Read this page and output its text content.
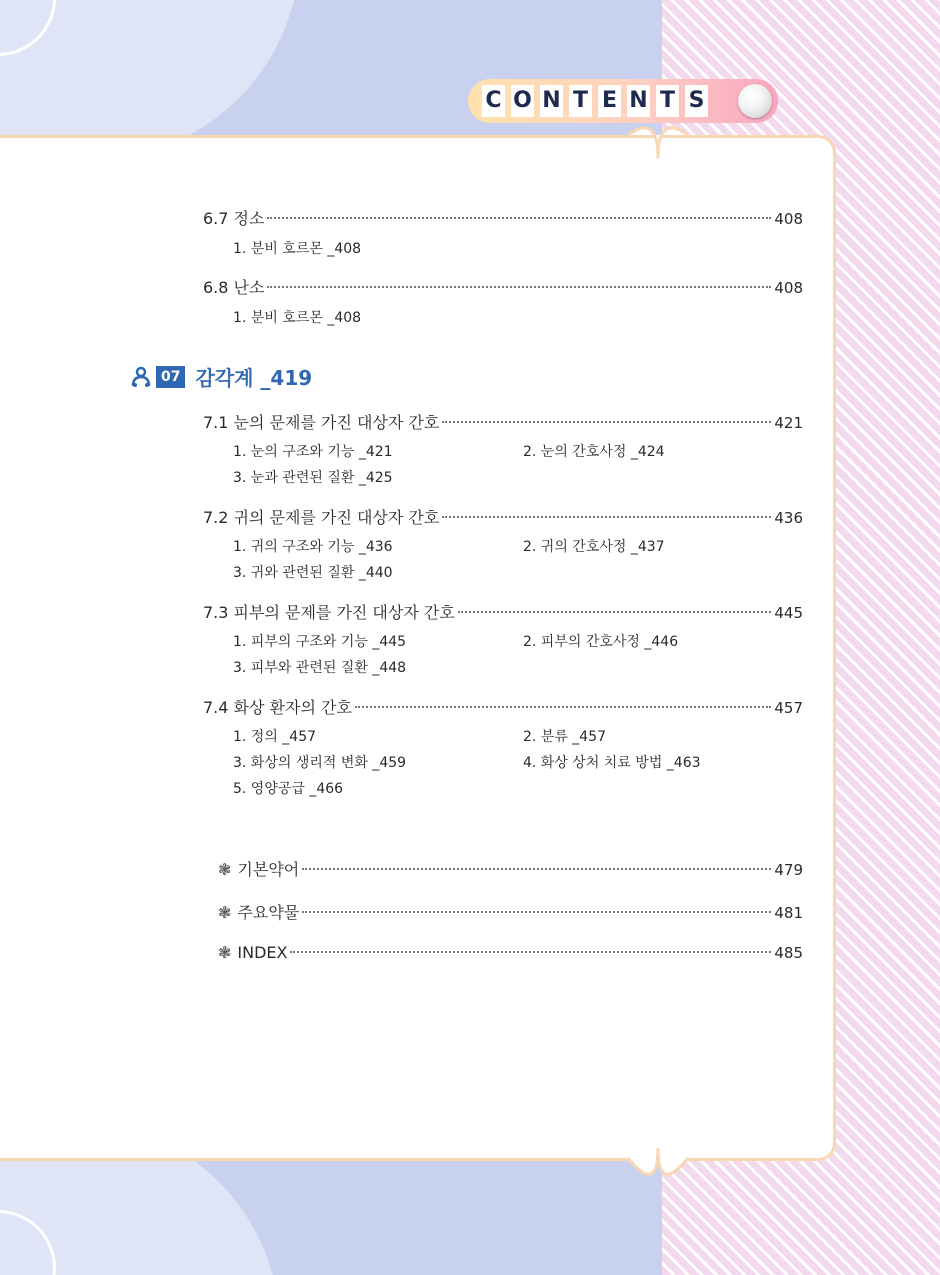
C O N T E N T S
6.7 정소	408
1. 분비 호르몬 _408
6.8 난소	408
1. 분비 호르몬 _408
07 감각계 _419
7.1 눈의 문제를 가진 대상자 간호	421
1. 눈의 구조와 기능 _421	2. 눈의 간호사정 _424
3. 눈과 관련된 질환 _425
7.2 귀의 문제를 가진 대상자 간호	436
1. 귀의 구조와 기능 _436	2. 귀의 간호사정 _437
3. 귀와 관련된 질환 _440
7.3 피부의 문제를 가진 대상자 간호	445
1. 피부의 구조와 기능 _445	2. 피부의 간호사정 _446
3. 피부와 관련된 질환 _448
7.4 화상 환자의 간호	457
1. 정의 _457	2. 분류 _457
3. 화상의 생리적 변화 _459	4. 화상 상처 치료 방법 _463
5. 영양공급 _466
❃ 기본약어	479
❃ 주요약물	481
❃ INDEX	485
